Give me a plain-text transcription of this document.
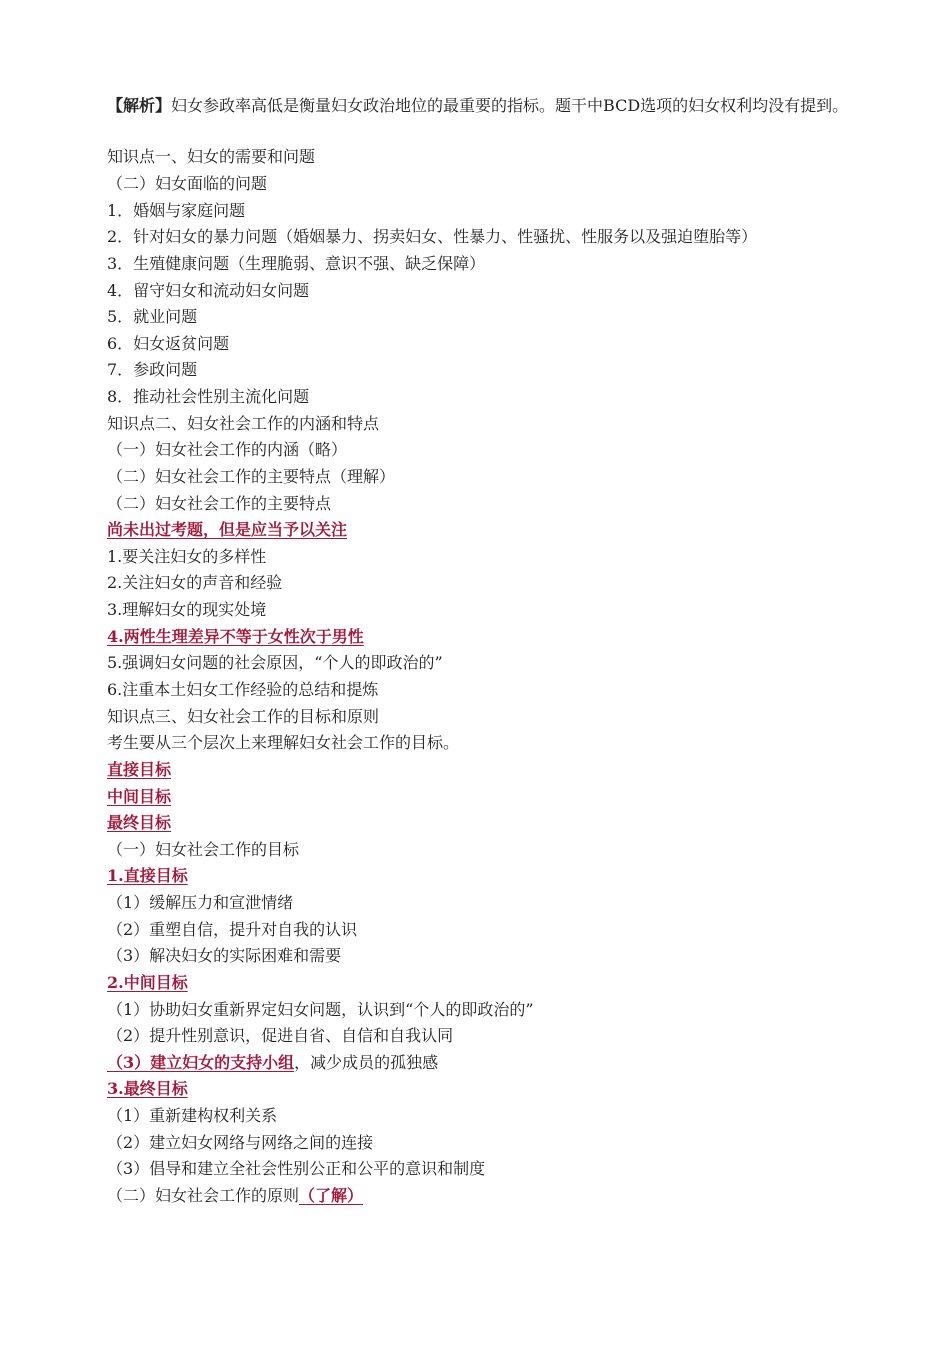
【解析】妇女参政率高低是衡量妇女政治地位的最重要的指标。题干中BCD选项的妇女权利均没有提到。
知识点一、妇女的需要和问题
（二）妇女面临的问题
1．婚姻与家庭问题
2．针对妇女的暴力问题（婚姻暴力、拐卖妇女、性暴力、性骚扰、性服务以及强迫堕胎等）
3．生殖健康问题（生理脆弱、意识不强、缺乏保障）
4．留守妇女和流动妇女问题
5．就业问题
6．妇女返贫问题
7．参政问题
8．推动社会性别主流化问题
知识点二、妇女社会工作的内涵和特点
（一）妇女社会工作的内涵（略）
（二）妇女社会工作的主要特点（理解）
（二）妇女社会工作的主要特点
尚未出过考题，但是应当予以关注
1.要关注妇女的多样性
2.关注妇女的声音和经验
3.理解妇女的现实处境
4.两性生理差异不等于女性次于男性
5.强调妇女问题的社会原因，“个人的即政治的”
6.注重本土妇女工作经验的总结和提炼
知识点三、妇女社会工作的目标和原则
考生要从三个层次上来理解妇女社会工作的目标。
直接目标
中间目标
最终目标
（一）妇女社会工作的目标
1.直接目标
（1）缓解压力和宣泄情绪
（2）重塑自信，提升对自我的认识
（3）解决妇女的实际困难和需要
2.中间目标
（1）协助妇女重新界定妇女问题，认识到“个人的即政治的”
（2）提升性别意识，促进自省、自信和自我认同
（3）建立妇女的支持小组，减少成员的孤独感
3.最终目标
（1）重新建构权利关系
（2）建立妇女网络与网络之间的连接
（3）倡导和建立全社会性别公正和公平的意识和制度
（二）妇女社会工作的原则（了解）
